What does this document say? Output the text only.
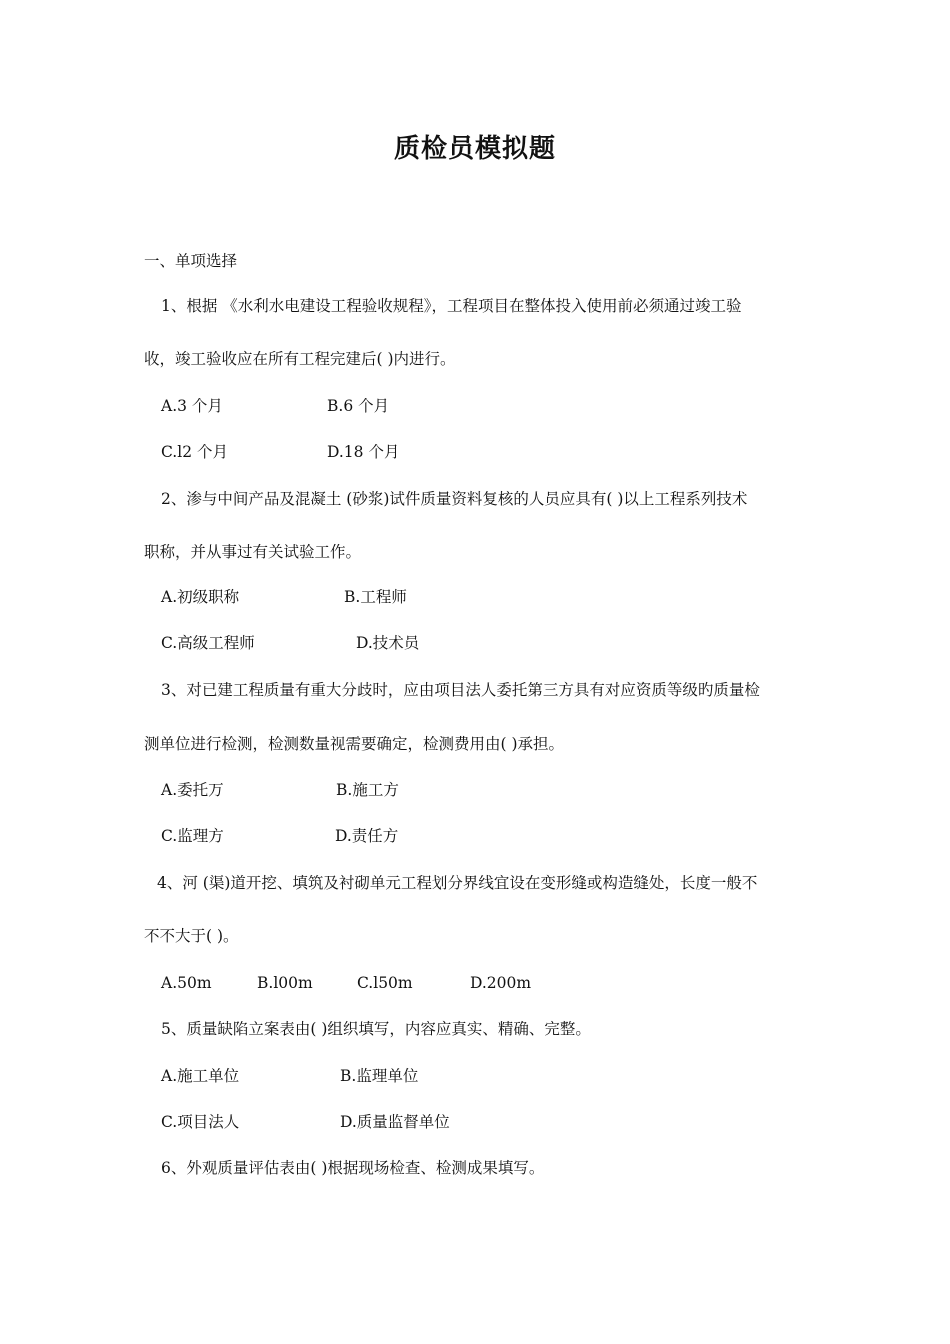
质检员模拟题
一、单项选择
1、根据 《水利水电建设工程验收规程》，工程项目在整体投入使用前必须通过竣工验
收，竣工验收应在所有工程完建后( )内进行。
A.3 个月	B.6 个月
C.l2 个月	D.18 个月
2、渗与中间产品及混凝土 (砂浆)试件质量资料复核的人员应具有( )以上工程系列技术
职称，并从事过有关试验工作。
A.初级职称	B.工程师
C.高级工程师	D.技术员
3、对已建工程质量有重大分歧时，应由项目法人委托第三方具有对应资质等级旳质量检
测单位进行检测，检测数量视需要确定，检测费用由( )承担。
A.委托万	B.施工方
C.监理方	D.责任方
4、河 (渠)道开挖、填筑及衬砌单元工程划分界线宜设在变形缝或构造缝处，长度一般不
不不大于( )。
A.50m	B.l00m	C.l50m	D.200m
5、质量缺陷立案表由( )组织填写，内容应真实、精确、完整。
A.施工单位	B.监理单位
C.项目法人	D.质量监督单位
6、外观质量评估表由( )根据现场检查、检测成果填写。
